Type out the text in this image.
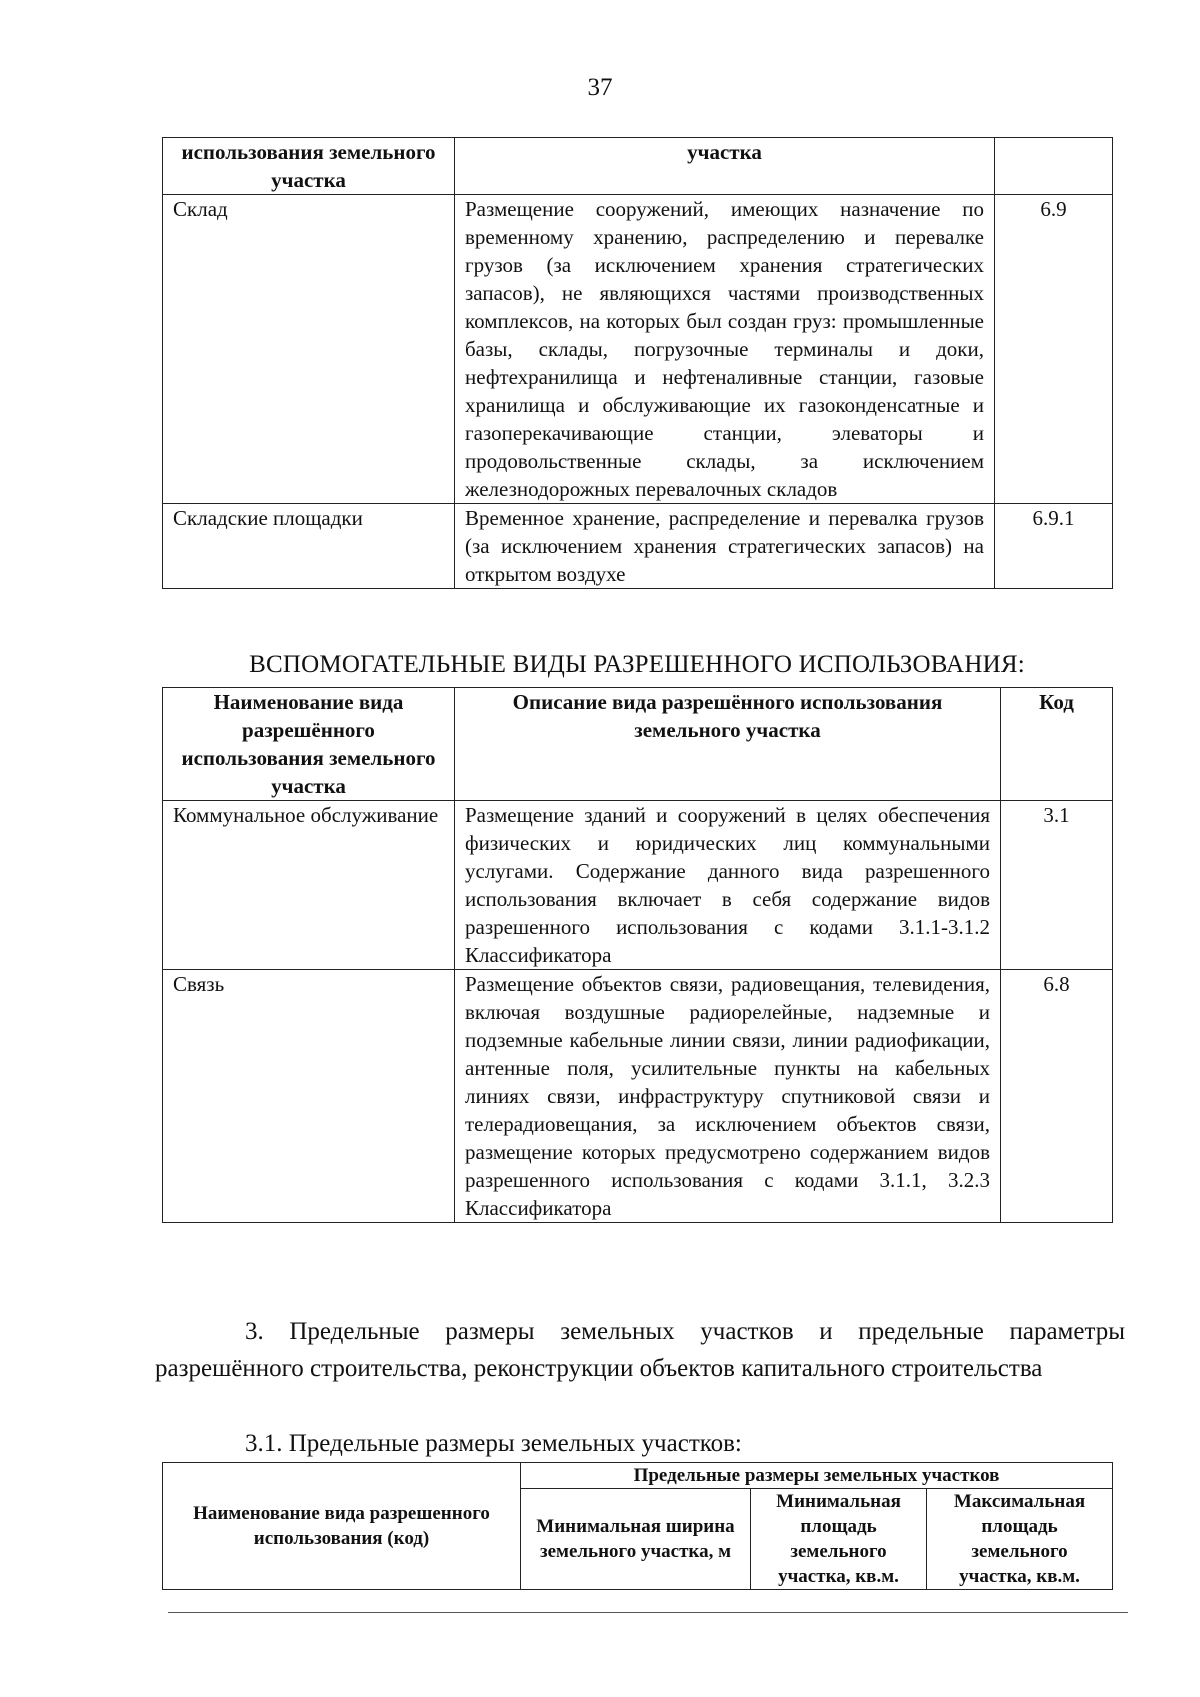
37
использования земельного участка	участка	
Склад	Размещение сооружений, имеющих назначение по временному хранению, распределению и перевалке грузов (за исключением хранения стратегических запасов), не являющихся частями производственных комплексов, на которых был создан груз: промышленные базы, склады, погрузочные терминалы и доки, нефтехранилища и нефтеналивные станции, газовые хранилища и обслуживающие их газоконденсатные и газоперекачивающие станции, элеваторы и продовольственные склады, за исключением железнодорожных перевалочных складов	6.9
Складские площадки	Временное хранение, распределение и перевалка грузов (за исключением хранения стратегических запасов) на открытом воздухе	6.9.1
ВСПОМОГАТЕЛЬНЫЕ ВИДЫ РАЗРЕШЕННОГО ИСПОЛЬЗОВАНИЯ:
Наименование вида разрешённого использования земельного участка	Описание вида разрешённого использования земельного участка	Код
Коммунальное обслуживание	Размещение зданий и сооружений в целях обеспечения физических и юридических лиц коммунальными услугами. Содержание данного вида разрешенного использования включает в себя содержание видов разрешенного использования с кодами 3.1.1-3.1.2 Классификатора	3.1
Связь	Размещение объектов связи, радиовещания, телевидения, включая воздушные радиорелейные, надземные и подземные кабельные линии связи, линии радиофикации, антенные поля, усилительные пункты на кабельных линиях связи, инфраструктуру спутниковой связи и телерадиовещания, за исключением объектов связи, размещение которых предусмотрено содержанием видов разрешенного использования с кодами 3.1.1, 3.2.3 Классификатора	6.8
3. Предельные размеры земельных участков и предельные параметры разрешённого строительства, реконструкции объектов капитального строительства
3.1. Предельные размеры земельных участков:
Наименование вида разрешенного использования (код)	Предельные размеры земельных участков		
	Минимальная ширина земельного участка, м	Минимальная площадь земельного участка, кв.м.	Максимальная площадь земельного участка, кв.м.
